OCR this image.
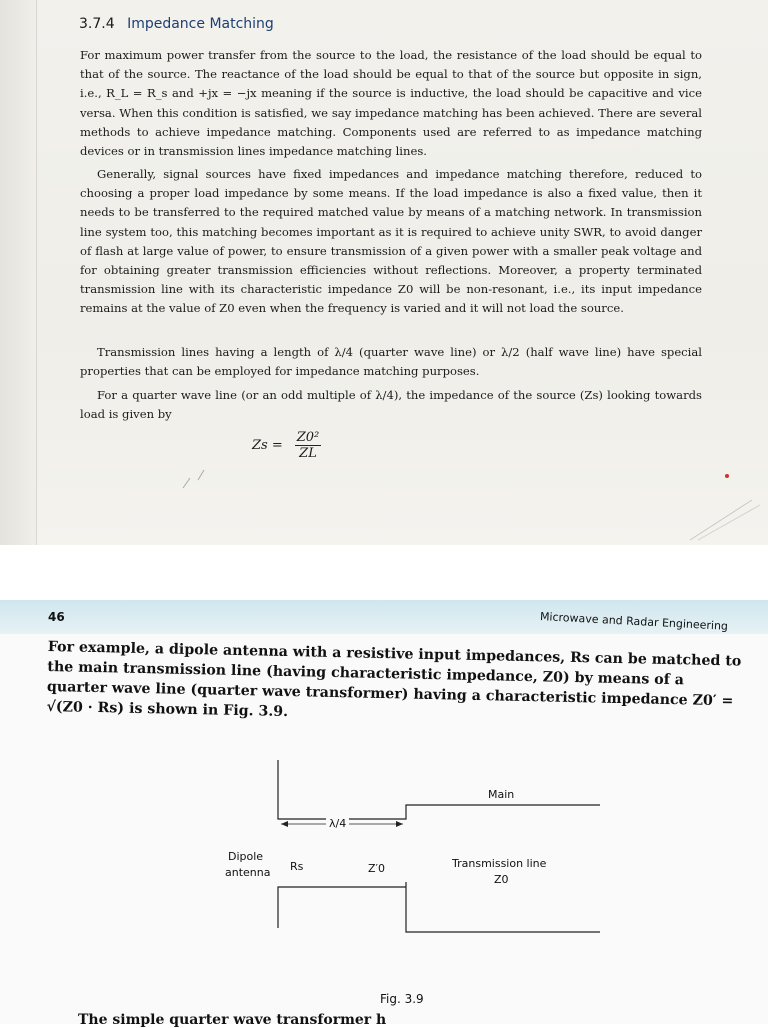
3.7.4 Impedance Matching

For maximum power transfer from the source to the load, the resistance of the load should be equal to that of the source. The reactance of the load should be equal to that of the source but opposite in sign, i.e., R_L = R_s and +jx = −jx meaning if the source is inductive, the load should be capacitive and vice versa. When this condition is satisfied, we say impedance matching has been achieved. There are several methods to achieve impedance matching. Components used are referred to as impedance matching devices or in transmission lines impedance matching lines.

Generally, signal sources have fixed impedances and impedance matching therefore, reduced to choosing a proper load impedance by some means. If the load impedance is also a fixed value, then it needs to be transferred to the required matched value by means of a matching network. In transmission line system too, this matching becomes important as it is required to achieve unity SWR, to avoid danger of flash at large value of power, to ensure transmission of a given power with a smaller peak voltage and for obtaining greater transmission efficiencies without reflections. Moreover, a property terminated transmission line with its characteristic impedance Z0 will be non-resonant, i.e., its input impedance remains at the value of Z0 even when the frequency is varied and it will not load the source.

Transmission lines having a length of λ/4 (quarter wave line) or λ/2 (half wave line) have special properties that can be employed for impedance matching purposes.

For a quarter wave line (or an odd multiple of λ/4), the impedance of the source (Zs) looking towards load is given by

$Zs = \frac{\text{Z0²}}{ZL}$
46	Microwave and Radar Engineering

For example, a dipole antenna with a resistive input impedances, Rs can be matched to the main transmission line (having characteristic impedance, Z0) by means of a quarter wave line (quarter wave transformer) having a characteristic impedance Z0′ = √(Z0 · Rs) is shown in Fig. 3.9.

Main
λ/4
Dipole
antenna Rs	Z′0	Transmission line
Z0
Fig. 3.9
The simple quarter wave transformer h
